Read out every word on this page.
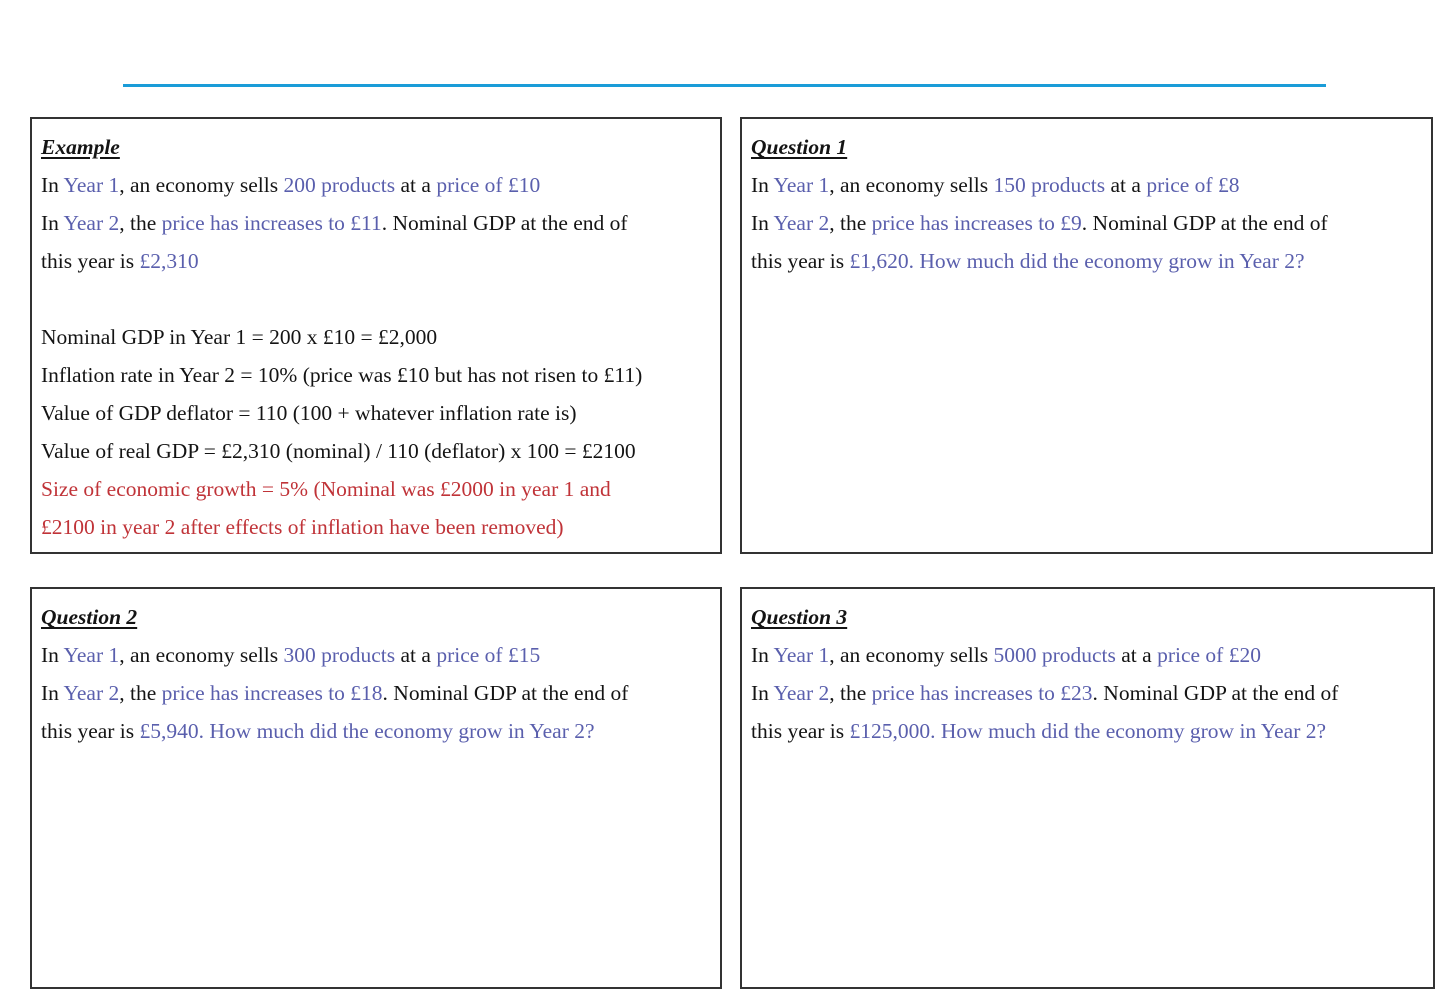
Example
In Year 1, an economy sells 200 products at a price of £10
In Year 2, the price has increases to £11. Nominal GDP at the end of
this year is £2,310

Nominal GDP in Year 1 = 200 x £10 = £2,000
Inflation rate in Year 2 = 10% (price was £10 but has not risen to £11)
Value of GDP deflator = 110 (100 + whatever inflation rate is)
Value of real GDP = £2,310 (nominal) / 110 (deflator) x 100 = £2100
Size of economic growth = 5% (Nominal was £2000 in year 1 and
£2100 in year 2 after effects of inflation have been removed)
Question 1
In Year 1, an economy sells 150 products at a price of £8
In Year 2, the price has increases to £9. Nominal GDP at the end of
this year is £1,620. How much did the economy grow in Year 2?
Question 2
In Year 1, an economy sells 300 products at a price of £15
In Year 2, the price has increases to £18. Nominal GDP at the end of
this year is £5,940. How much did the economy grow in Year 2?
Question 3
In Year 1, an economy sells 5000 products at a price of £20
In Year 2, the price has increases to £23. Nominal GDP at the end of
this year is £125,000. How much did the economy grow in Year 2?
